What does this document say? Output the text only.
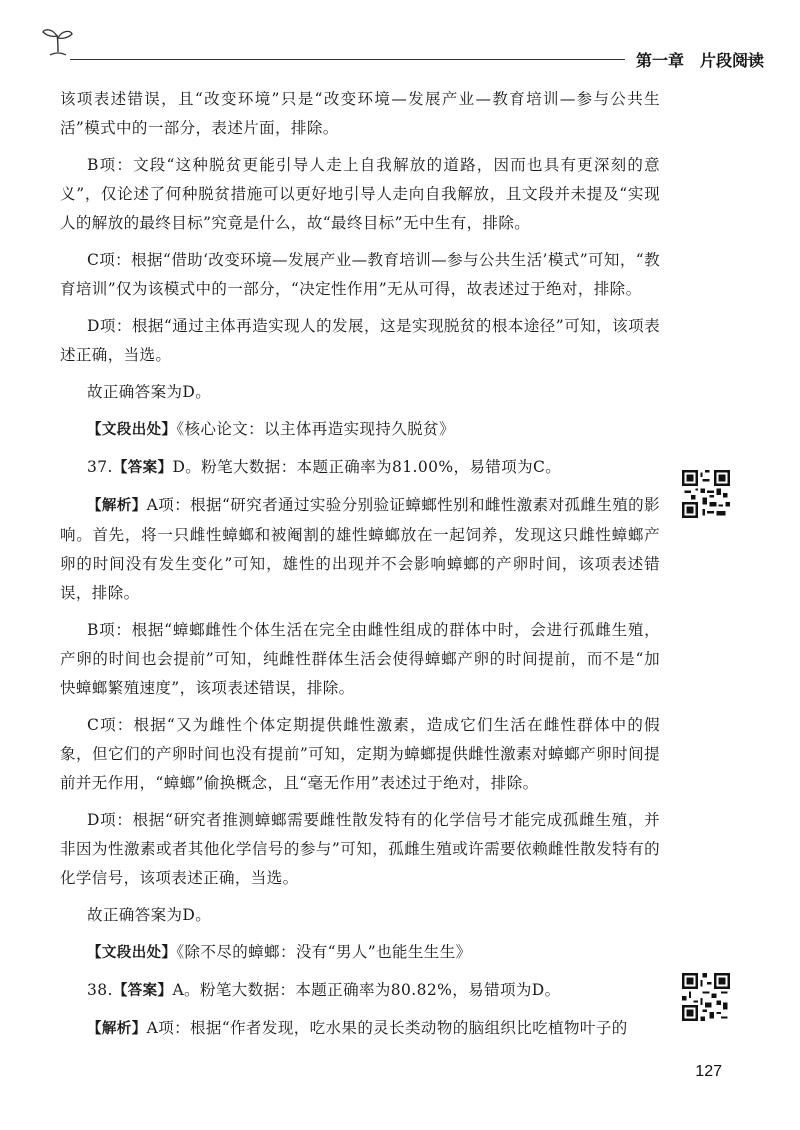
第一章　片段阅读

该项表述错误，且“改变环境”只是“改变环境—发展产业—教育培训—参与公共生活”模式中的一部分，表述片面，排除。

B项：文段“这种脱贫更能引导人走上自我解放的道路，因而也具有更深刻的意义”，仅论述了何种脱贫措施可以更好地引导人走向自我解放，且文段并未提及“实现人的解放的最终目标”究竟是什么，故“最终目标”无中生有，排除。

C项：根据“借助‘改变环境—发展产业—教育培训—参与公共生活’模式”可知，“教育培训”仅为该模式中的一部分，“决定性作用”无从可得，故表述过于绝对，排除。

D项：根据“通过主体再造实现人的发展，这是实现脱贫的根本途径”可知，该项表述正确，当选。

故正确答案为D。

【文段出处】《核心论文：以主体再造实现持久脱贫》

37.【答案】D。粉笔大数据：本题正确率为81.00%，易错项为C。

【解析】A项：根据“研究者通过实验分别验证蟑螂性别和雌性激素对孤雌生殖的影响。首先，将一只雌性蟑螂和被阉割的雄性蟑螂放在一起饲养，发现这只雌性蟑螂产卵的时间没有发生变化”可知，雄性的出现并不会影响蟑螂的产卵时间，该项表述错误，排除。

B项：根据“蟑螂雌性个体生活在完全由雌性组成的群体中时，会进行孤雌生殖，产卵的时间也会提前”可知，纯雌性群体生活会使得蟑螂产卵的时间提前，而不是“加快蟑螂繁殖速度”，该项表述错误，排除。

C项：根据“又为雌性个体定期提供雌性激素，造成它们生活在雌性群体中的假象，但它们的产卵时间也没有提前”可知，定期为蟑螂提供雌性激素对蟑螂产卵时间提前并无作用，“蟑螂”偷换概念，且“毫无作用”表述过于绝对，排除。

D项：根据“研究者推测蟑螂需要雌性散发特有的化学信号才能完成孤雌生殖，并非因为性激素或者其他化学信号的参与”可知，孤雌生殖或许需要依赖雌性散发特有的化学信号，该项表述正确，当选。

故正确答案为D。

【文段出处】《除不尽的蟑螂：没有“男人”也能生生生》

38.【答案】A。粉笔大数据：本题正确率为80.82%，易错项为D。

【解析】A项：根据“作者发现，吃水果的灵长类动物的脑组织比吃植物叶子的

127
